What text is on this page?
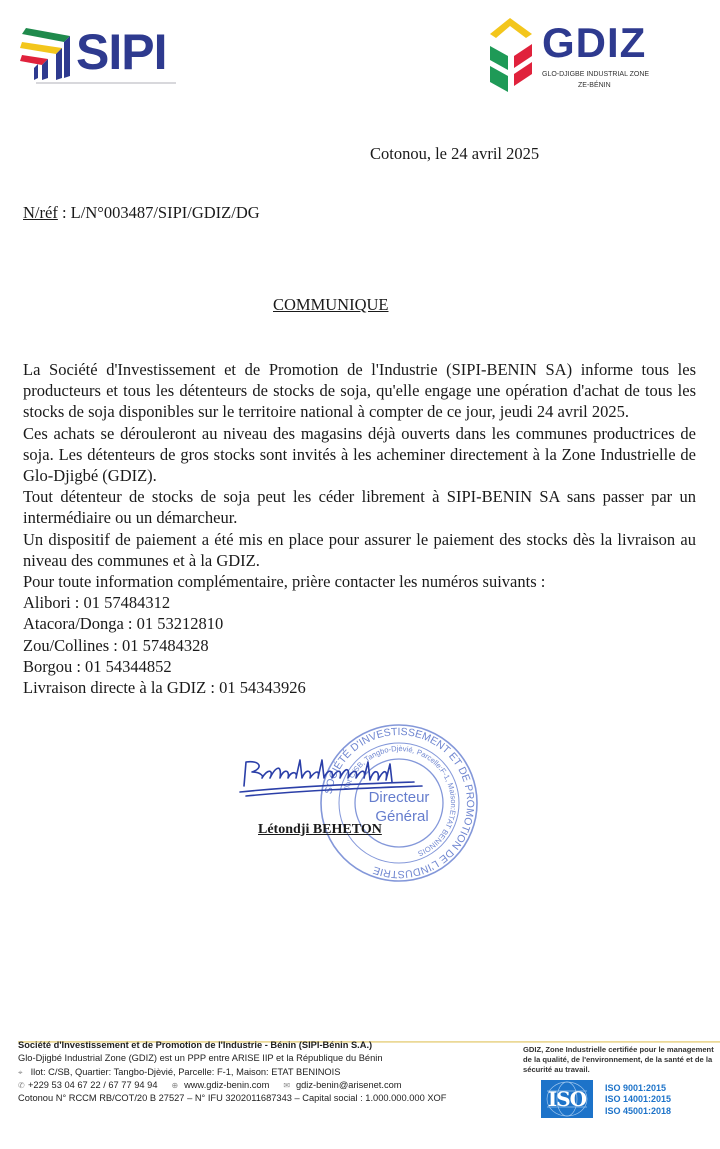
SIPI	GDIZ
GLO-DJIGBE INDUSTRIAL ZONE
ZE-BÉNIN
Cotonou, le 24 avril 2025
N/réf : L/N°003487/SIPI/GDIZ/DG
COMMUNIQUE

La Société d'Investissement et de Promotion de l'Industrie (SIPI-BENIN SA) informe tous les producteurs et tous les détenteurs de stocks de soja, qu'elle engage une opération d'achat de tous les stocks de soja disponibles sur le territoire national à compter de ce jour, jeudi 24 avril 2025.

Ces achats se dérouleront au niveau des magasins déjà ouverts dans les communes productrices de soja. Les détenteurs de gros stocks sont invités à les acheminer directement à la Zone Industrielle de Glo-Djigbé (GDIZ).

Tout détenteur de stocks de soja peut les céder librement à SIPI-BENIN SA sans passer par un intermédiaire ou un démarcheur.

Un dispositif de paiement a été mis en place pour assurer le paiement des stocks dès la livraison au niveau des communes et à la GDIZ.

Pour toute information complémentaire, prière contacter les numéros suivants :

Alibori : 01 57484312

Atacora/Donga : 01 53212810

Zou/Collines : 01 57484328

Borgou : 01 54344852

Livraison directe à la GDIZ : 01 54343926

SOCIÉTÉ D'INVESTISSEMENT ET DE PROMOTION DE L'INDUSTRIE
Ilot C/SB, Tangbo-Djèvié, Parcelle:F-1, Maison:ETAT BENINOIS
Directeur
Général
Létondji BEHETON
Société d'Investissement et de Promotion de l'Industrie - Bénin (SIPI-Bénin S.A.)
Glo-Djigbé Industrial Zone (GDIZ) est un PPP entre ARISE IIP et la République du Bénin
⌖ Ilot: C/SB, Quartier: Tangbo-Djèvié, Parcelle: F-1, Maison: ETAT BENINOIS
✆ +229 53 04 67 22 / 67 77 94 94 ⊕ www.gdiz-benin.com ✉ gdiz-benin@arisenet.com
Cotonou N° RCCM RB/COT/20 B 27527 – N° IFU 3202011687343 – Capital social : 1.000.000.000 XOF
GDIZ, Zone Industrielle certifiée pour le management de la qualité, de l'environnement, de la santé et de la sécurité au travail.
ISO	ISO 9001:2015
ISO 14001:2015
ISO 45001:2018
